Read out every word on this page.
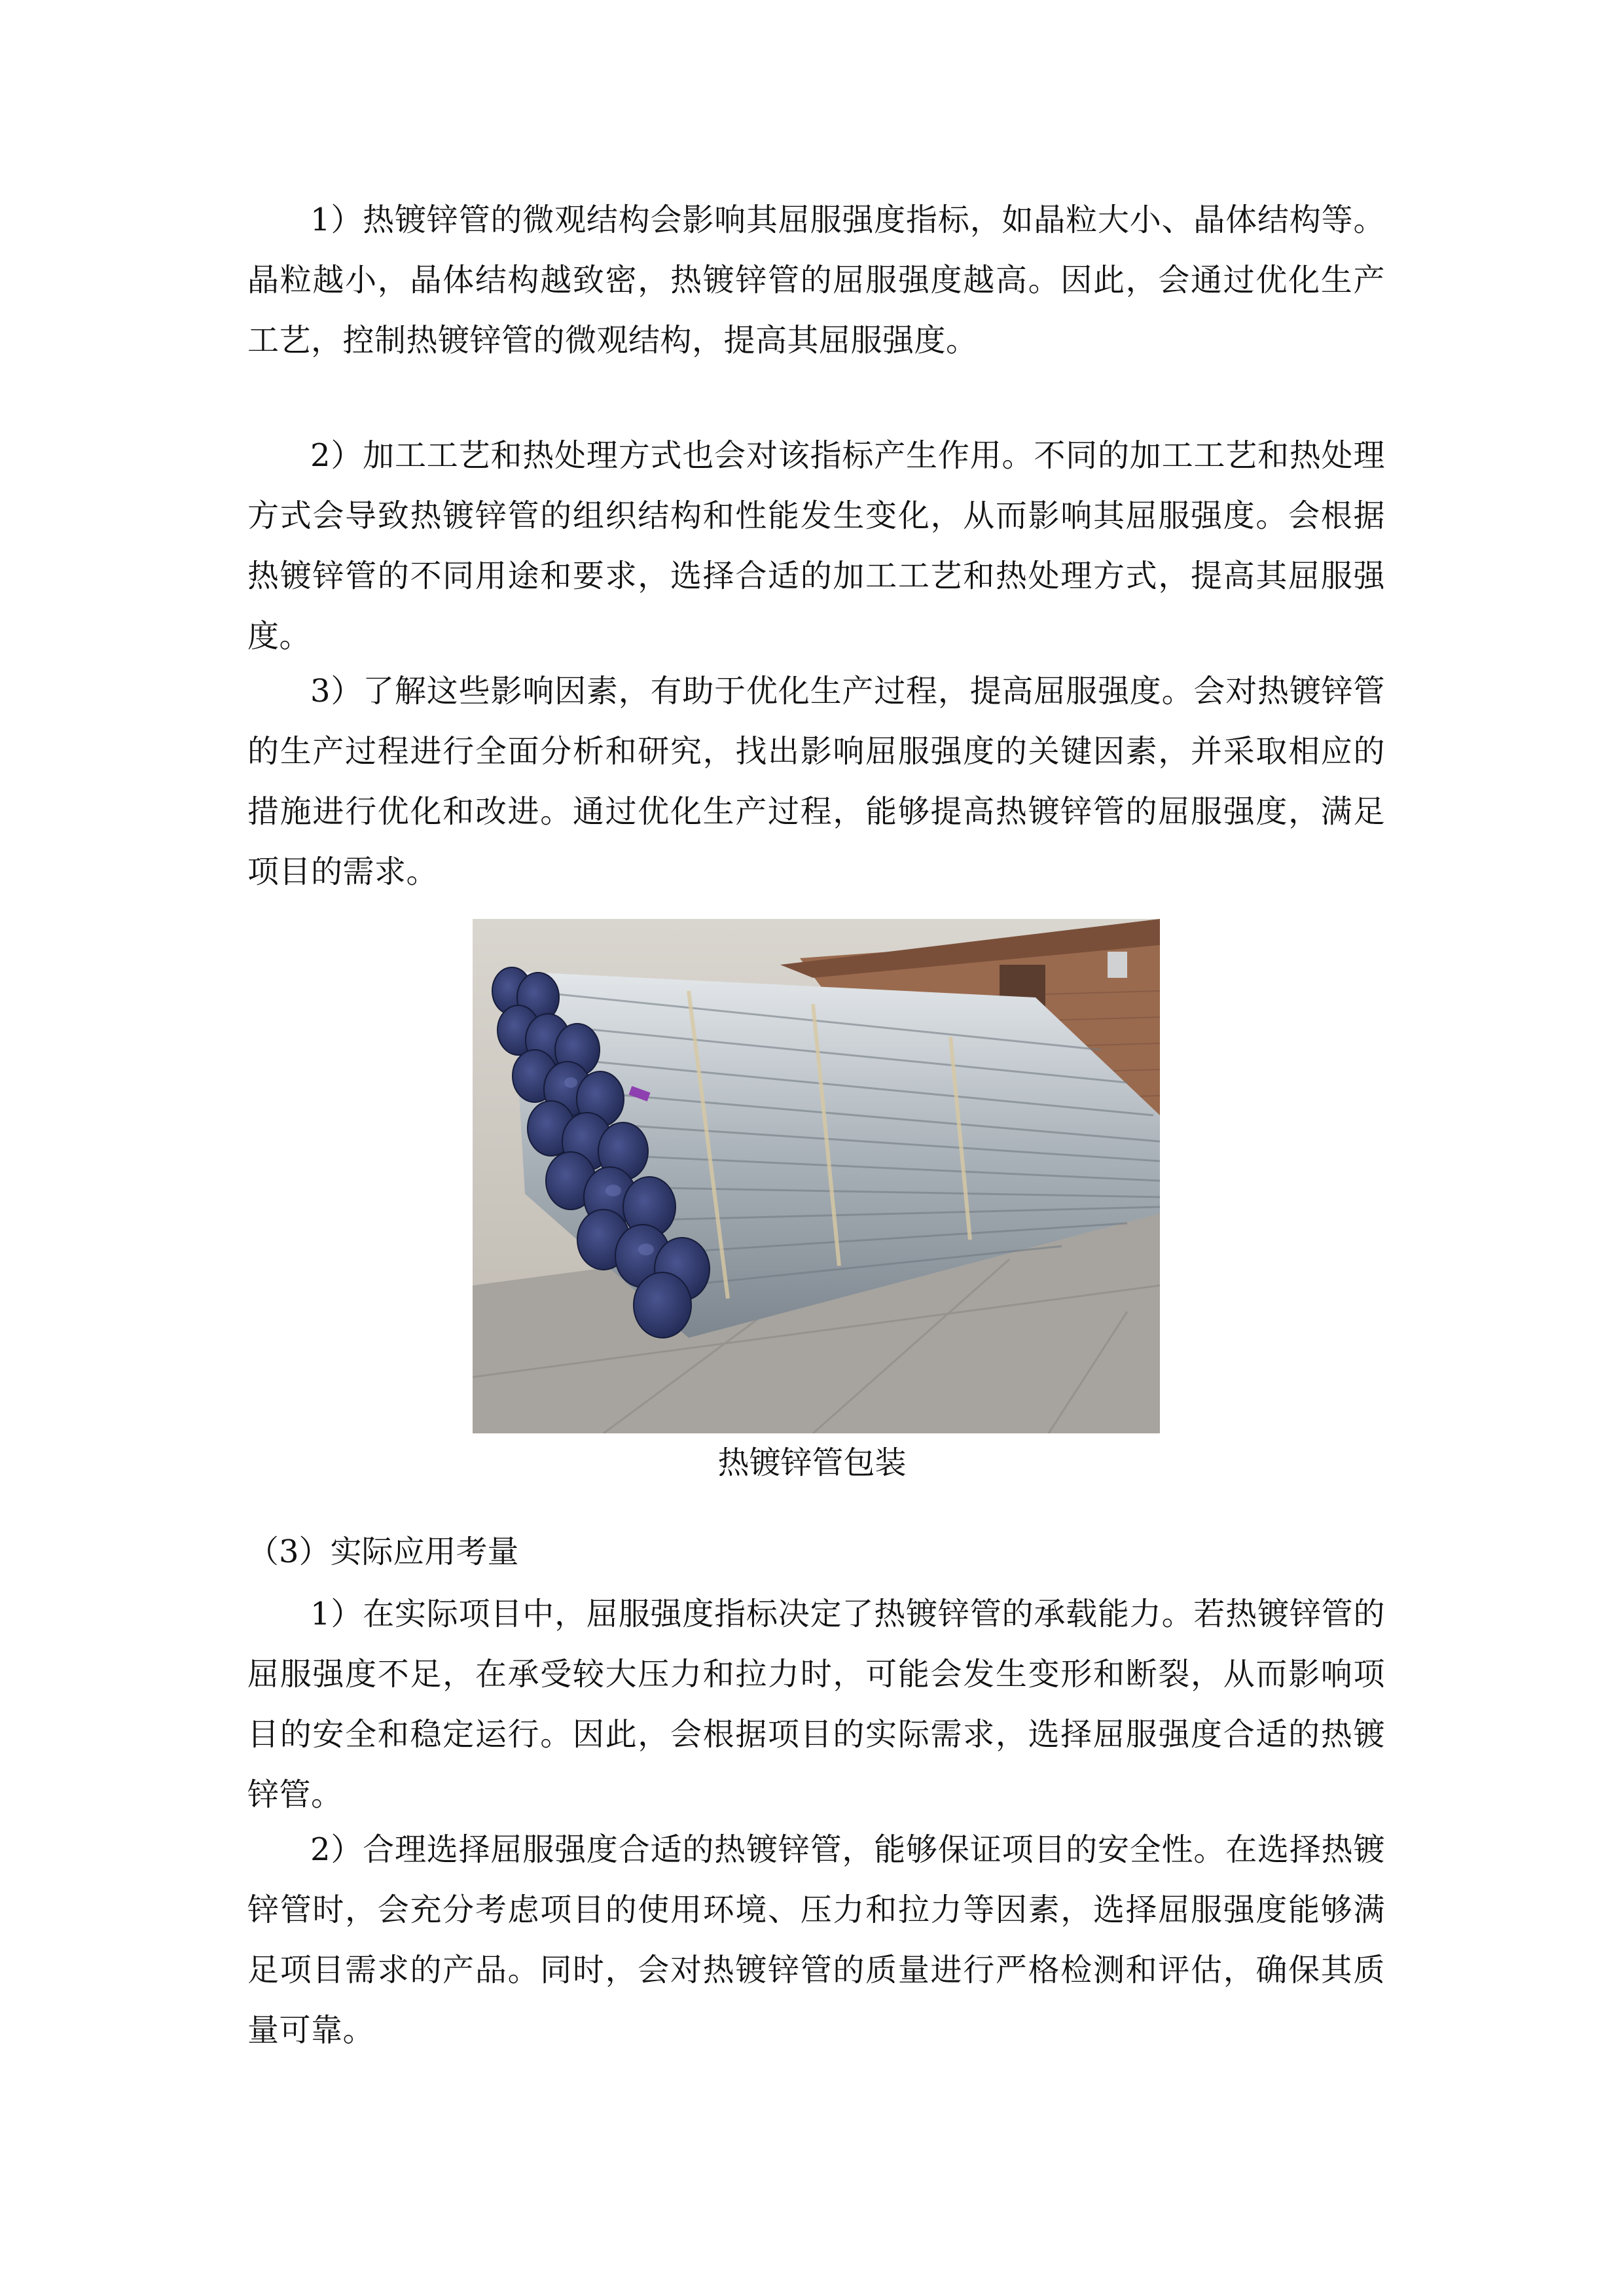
1）热镀锌管的微观结构会影响其屈服强度指标，如晶粒大小、晶体结构等。晶粒越小，晶体结构越致密，热镀锌管的屈服强度越高。因此，会通过优化生产工艺，控制热镀锌管的微观结构，提高其屈服强度。

2）加工工艺和热处理方式也会对该指标产生作用。不同的加工工艺和热处理方式会导致热镀锌管的组织结构和性能发生变化，从而影响其屈服强度。会根据热镀锌管的不同用途和要求，选择合适的加工工艺和热处理方式，提高其屈服强度。

3）了解这些影响因素，有助于优化生产过程，提高屈服强度。会对热镀锌管的生产过程进行全面分析和研究，找出影响屈服强度的关键因素，并采取相应的措施进行优化和改进。通过优化生产过程，能够提高热镀锌管的屈服强度，满足项目的需求。

热镀锌管包装

（3）实际应用考量

1）在实际项目中，屈服强度指标决定了热镀锌管的承载能力。若热镀锌管的屈服强度不足，在承受较大压力和拉力时，可能会发生变形和断裂，从而影响项目的安全和稳定运行。因此，会根据项目的实际需求，选择屈服强度合适的热镀锌管。

2）合理选择屈服强度合适的热镀锌管，能够保证项目的安全性。在选择热镀锌管时，会充分考虑项目的使用环境、压力和拉力等因素，选择屈服强度能够满足项目需求的产品。同时，会对热镀锌管的质量进行严格检测和评估，确保其质量可靠。
